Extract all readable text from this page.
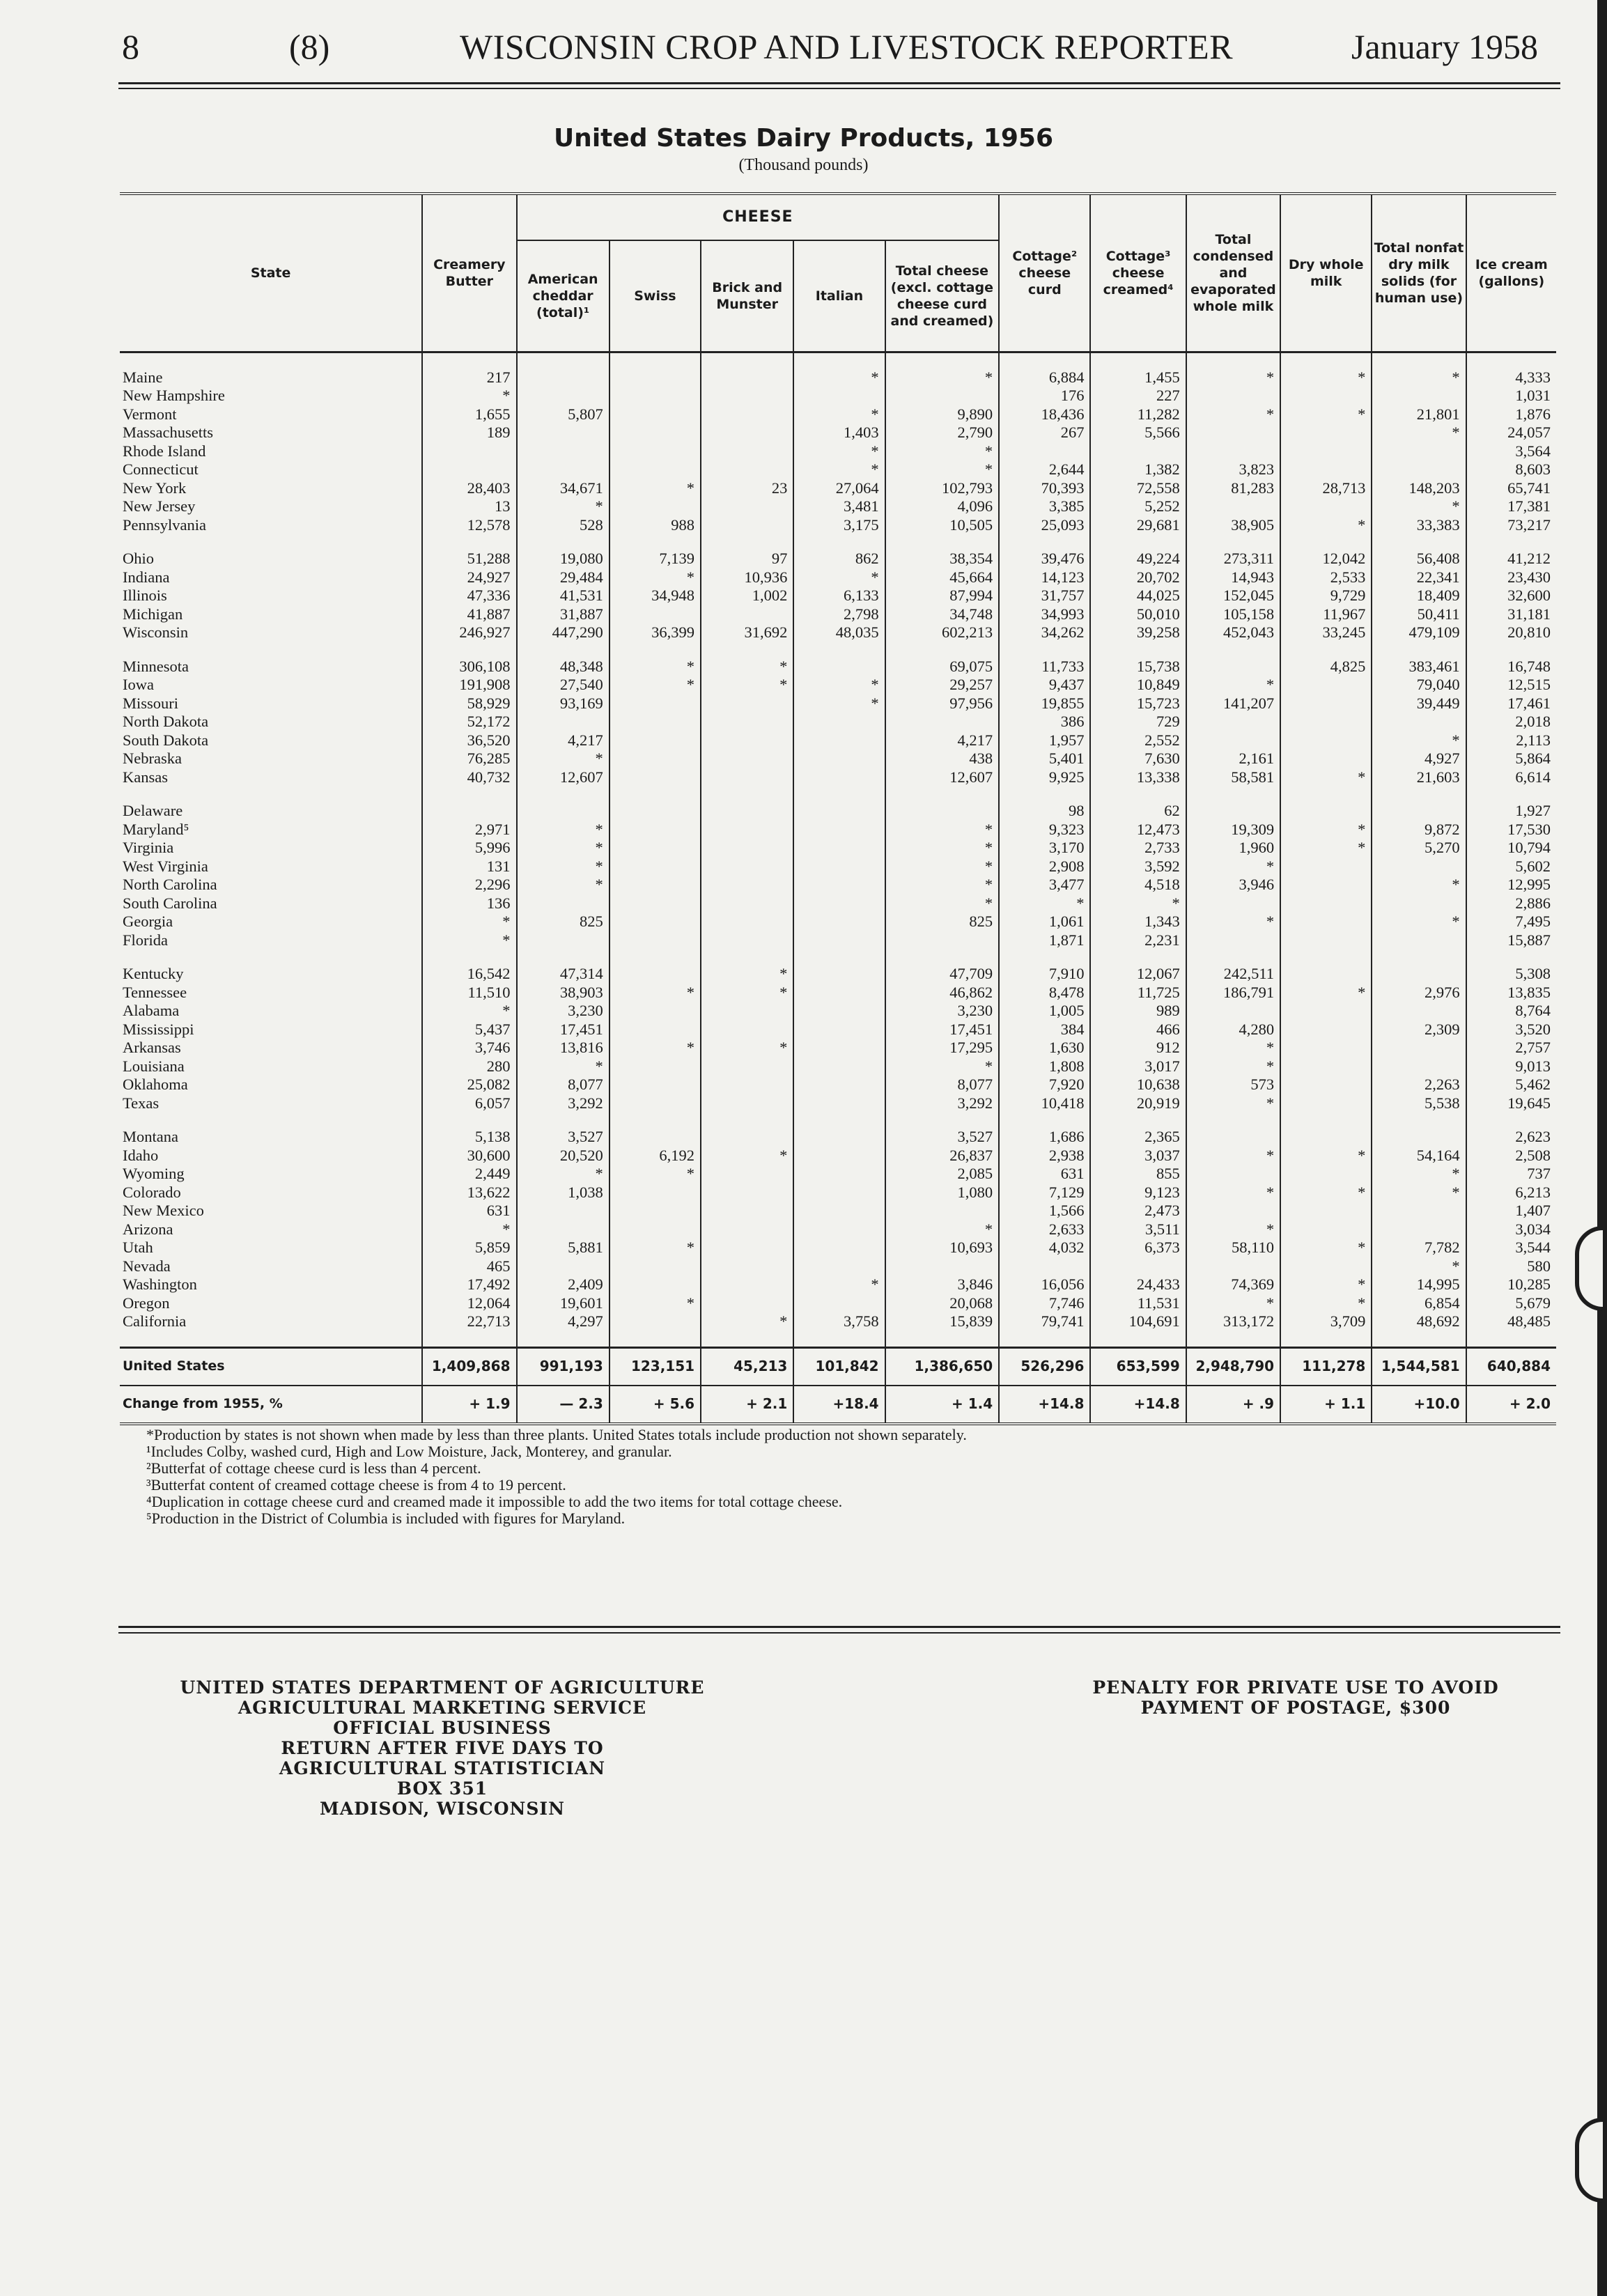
8	(8)	WISCONSIN CROP AND LIVESTOCK REPORTER	January 1958
United States Dairy Products, 1956
(Thousand pounds)
State	Creamery Butter	CHEESE					Cottage² cheese curd	Cottage³ cheese creamed⁴	Total condensed and evaporated whole milk	Dry whole milk	Total nonfat dry milk solids (for human use)	Ice cream (gallons)
		American cheddar (total)¹	Swiss	Brick and Munster	Italian	Total cheese (excl. cottage cheese curd and creamed)						

Maine	217				*	*	6,884	1,455	*	*	*	4,333
New Hampshire	*						176	227				1,031
Vermont	1,655	5,807			*	9,890	18,436	11,282	*	*	21,801	1,876
Massachusetts	189				1,403	2,790	267	5,566			*	24,057
Rhode Island					*	*						3,564
Connecticut					*	*	2,644	1,382	3,823			8,603
New York	28,403	34,671	*	23	27,064	102,793	70,393	72,558	81,283	28,713	148,203	65,741
New Jersey	13	*			3,481	4,096	3,385	5,252			*	17,381
Pennsylvania	12,578	528	988		3,175	10,505	25,093	29,681	38,905	*	33,383	73,217

Ohio	51,288	19,080	7,139	97	862	38,354	39,476	49,224	273,311	12,042	56,408	41,212
Indiana	24,927	29,484	*	10,936	*	45,664	14,123	20,702	14,943	2,533	22,341	23,430
Illinois	47,336	41,531	34,948	1,002	6,133	87,994	31,757	44,025	152,045	9,729	18,409	32,600
Michigan	41,887	31,887			2,798	34,748	34,993	50,010	105,158	11,967	50,411	31,181
Wisconsin	246,927	447,290	36,399	31,692	48,035	602,213	34,262	39,258	452,043	33,245	479,109	20,810

Minnesota	306,108	48,348	*	*		69,075	11,733	15,738		4,825	383,461	16,748
Iowa	191,908	27,540	*	*	*	29,257	9,437	10,849	*		79,040	12,515
Missouri	58,929	93,169			*	97,956	19,855	15,723	141,207		39,449	17,461
North Dakota	52,172						386	729				2,018
South Dakota	36,520	4,217				4,217	1,957	2,552			*	2,113
Nebraska	76,285	*				438	5,401	7,630	2,161		4,927	5,864
Kansas	40,732	12,607				12,607	9,925	13,338	58,581	*	21,603	6,614

Delaware							98	62				1,927
Maryland⁵	2,971	*				*	9,323	12,473	19,309	*	9,872	17,530
Virginia	5,996	*				*	3,170	2,733	1,960	*	5,270	10,794
West Virginia	131	*				*	2,908	3,592	*			5,602
North Carolina	2,296	*				*	3,477	4,518	3,946		*	12,995
South Carolina	136					*	*	*				2,886
Georgia	*	825				825	1,061	1,343	*		*	7,495
Florida	*						1,871	2,231				15,887

Kentucky	16,542	47,314		*		47,709	7,910	12,067	242,511			5,308
Tennessee	11,510	38,903	*	*		46,862	8,478	11,725	186,791	*	2,976	13,835
Alabama	*	3,230				3,230	1,005	989				8,764
Mississippi	5,437	17,451				17,451	384	466	4,280		2,309	3,520
Arkansas	3,746	13,816	*	*		17,295	1,630	912	*			2,757
Louisiana	280	*				*	1,808	3,017	*			9,013
Oklahoma	25,082	8,077				8,077	7,920	10,638	573		2,263	5,462
Texas	6,057	3,292				3,292	10,418	20,919	*		5,538	19,645

Montana	5,138	3,527				3,527	1,686	2,365				2,623
Idaho	30,600	20,520	6,192	*		26,837	2,938	3,037	*	*	54,164	2,508
Wyoming	2,449	*	*			2,085	631	855			*	737
Colorado	13,622	1,038				1,080	7,129	9,123	*	*	*	6,213
New Mexico	631						1,566	2,473				1,407
Arizona	*					*	2,633	3,511	*			3,034
Utah	5,859	5,881	*			10,693	4,032	6,373	58,110	*	7,782	3,544
Nevada	465										*	580
Washington	17,492	2,409			*	3,846	16,056	24,433	74,369	*	14,995	10,285
Oregon	12,064	19,601	*			20,068	7,746	11,531	*	*	6,854	5,679
California	22,713	4,297		*	3,758	15,839	79,741	104,691	313,172	3,709	48,692	48,485

United States	1,409,868	991,193	123,151	45,213	101,842	1,386,650	526,296	653,599	2,948,790	111,278	1,544,581	640,884
Change from 1955, %	+ 1.9	— 2.3	+ 5.6	+ 2.1	+18.4	+ 1.4	+14.8	+14.8	+ .9	+ 1.1	+10.0	+ 2.0
*Production by states is not shown when made by less than three plants. United States totals include production not shown separately.
¹Includes Colby, washed curd, High and Low Moisture, Jack, Monterey, and granular.
²Butterfat of cottage cheese curd is less than 4 percent.
³Butterfat content of creamed cottage cheese is from 4 to 19 percent.
⁴Duplication in cottage cheese curd and creamed made it impossible to add the two items for total cottage cheese.
⁵Production in the District of Columbia is included with figures for Maryland.
UNITED STATES DEPARTMENT OF AGRICULTURE
AGRICULTURAL MARKETING SERVICE
OFFICIAL BUSINESS
RETURN AFTER FIVE DAYS TO
AGRICULTURAL STATISTICIAN
BOX 351
MADISON, WISCONSIN
PENALTY FOR PRIVATE USE TO AVOID
PAYMENT OF POSTAGE, $300
